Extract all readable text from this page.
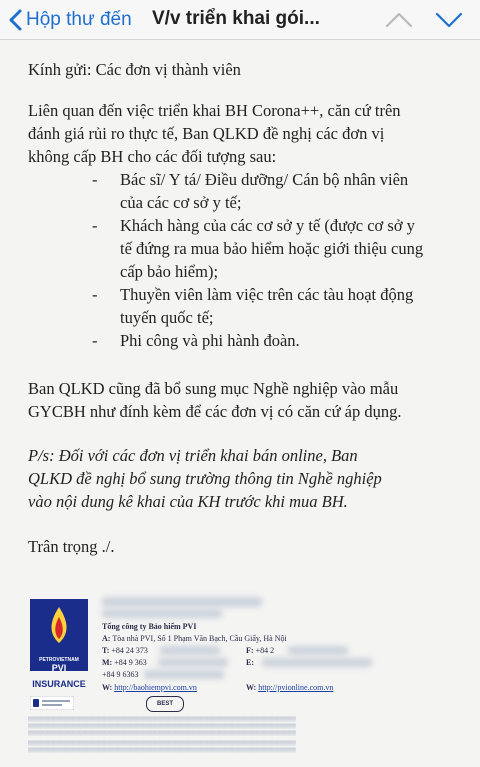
Hộp thư đến V/v triển khai gói...
Kính gửi: Các đơn vị thành viên
Liên quan đến việc triển khai BH Corona++, căn cứ trên
đánh giá rủi ro thực tế, Ban QLKD đề nghị các đơn vị
không cấp BH cho các đối tượng sau:
- Bác sĩ/ Y tá/ Điều dưỡng/ Cán bộ nhân viên
của các cơ sở y tế;
- Khách hàng của các cơ sở y tế (được cơ sở y
tế đứng ra mua bảo hiểm hoặc giới thiệu cung
cấp bảo hiểm);
- Thuyền viên làm việc trên các tàu hoạt động
tuyến quốc tế;
- Phi công và phi hành đoàn.
Ban QLKD cũng đã bổ sung mục Nghề nghiệp vào mẫu
GYCBH như đính kèm để các đơn vị có căn cứ áp dụng.
P/s: Đối với các đơn vị triển khai bán online, Ban
QLKD đề nghị bổ sung trường thông tin Nghề nghiệp
vào nội dung kê khai của KH trước khi mua BH.
Trân trọng ./.
PETROVIETNAM
PVI
INSURANCE
Tổng công ty Bảo hiểm PVI
A: Tòa nhà PVI, Số 1 Phạm Văn Bạch, Cầu Giấy, Hà Nội
T: +84 24 373	F: +84 2
M: +84 9 363	E:
+84 9 6363
W: http://baohiempvi.com.vn	W: http://pvionline.com.vn
BEST
▒▒▒▒▒▒▒▒▒▒▒▒▒▒▒▒▒▒▒▒▒▒▒▒▒▒▒▒▒▒▒▒▒▒▒▒▒▒▒▒▒▒▒▒▒▒▒▒▒▒▒▒▒▒▒▒▒▒▒▒▒▒▒▒▒▒▒▒▒▒▒▒▒▒▒▒▒▒▒▒▒▒▒▒
▒▒▒▒▒▒▒▒▒▒▒▒▒▒▒▒▒▒▒▒▒▒▒▒▒▒▒▒▒▒▒▒▒▒▒▒▒▒▒▒▒▒▒▒▒▒▒▒▒▒▒▒▒▒▒▒▒▒▒▒▒▒▒▒▒▒▒▒▒▒▒▒▒▒▒▒▒▒▒▒▒▒▒▒
▒▒▒▒▒▒▒▒▒▒▒▒▒▒▒▒▒▒▒▒▒▒▒▒▒▒▒▒▒▒▒▒▒▒▒▒▒▒▒▒▒▒▒▒▒▒▒▒▒▒▒▒▒▒▒▒▒▒▒▒▒▒▒▒▒▒▒▒▒▒▒▒▒▒▒▒▒▒▒▒▒▒▒▒
▒▒▒▒▒▒▒▒▒▒▒▒▒▒▒▒▒▒▒▒▒▒▒▒▒▒▒▒▒▒▒▒▒▒▒▒▒▒▒▒▒▒▒▒▒▒▒▒▒▒▒▒▒▒▒▒▒▒▒▒▒▒▒▒▒▒▒▒▒▒▒▒▒▒▒▒▒▒▒▒▒▒▒▒
▒▒▒▒▒▒▒▒▒▒▒▒▒▒▒▒▒▒▒▒▒▒▒▒▒▒▒▒▒▒▒▒▒▒▒▒▒▒▒▒▒▒▒▒▒▒▒▒▒▒▒▒▒▒▒▒▒▒▒▒▒▒▒▒▒▒▒▒▒▒▒▒▒▒▒▒▒▒▒▒▒▒▒▒
